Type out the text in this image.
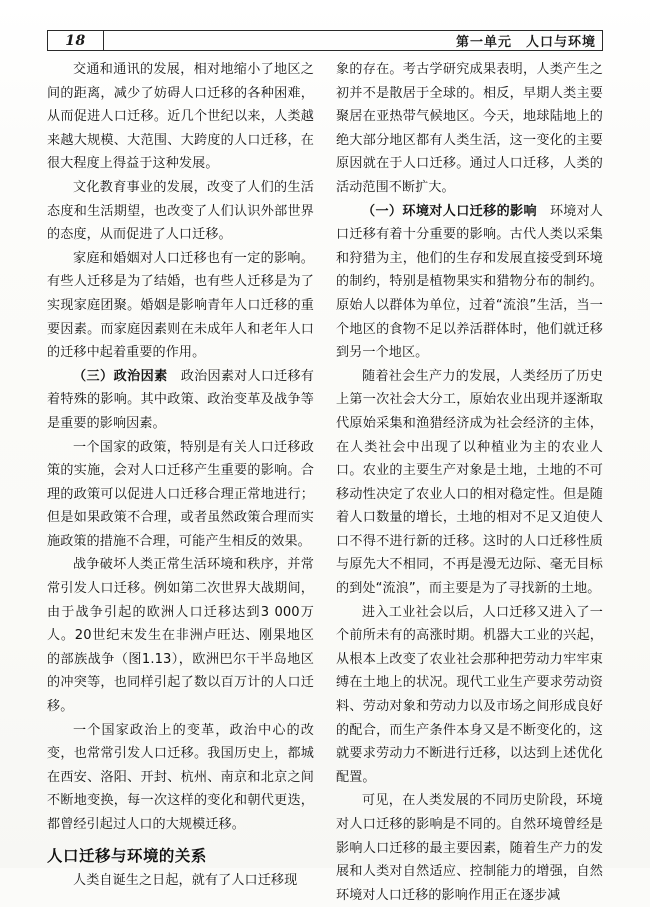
18	第一单元　人口与环境

交通和通讯的发展，相对地缩小了地区之间的距离，减少了妨碍人口迁移的各种困难，从而促进人口迁移。近几个世纪以来，人类越来越大规模、大范围、大跨度的人口迁移，在很大程度上得益于这种发展。

文化教育事业的发展，改变了人们的生活态度和生活期望，也改变了人们认识外部世界的态度，从而促进了人口迁移。

家庭和婚姻对人口迁移也有一定的影响。有些人迁移是为了结婚，也有些人迁移是为了实现家庭团聚。婚姻是影响青年人口迁移的重要因素。而家庭因素则在未成年人和老年人口的迁移中起着重要的作用。

（三）政治因素 政治因素对人口迁移有着特殊的影响。其中政策、政治变革及战争等是重要的影响因素。

一个国家的政策，特别是有关人口迁移政策的实施，会对人口迁移产生重要的影响。合理的政策可以促进人口迁移合理正常地进行；但是如果政策不合理，或者虽然政策合理而实施政策的措施不合理，可能产生相反的效果。

战争破坏人类正常生活环境和秩序，并常常引发人口迁移。例如第二次世界大战期间，由于战争引起的欧洲人口迁移达到3 000万人。20世纪末发生在非洲卢旺达、刚果地区的部族战争（图1.13），欧洲巴尔干半岛地区的冲突等，也同样引起了数以百万计的人口迁移。

一个国家政治上的变革，政治中心的改变，也常常引发人口迁移。我国历史上，都城在西安、洛阳、开封、杭州、南京和北京之间不断地变换，每一次这样的变化和朝代更迭，都曾经引起过人口的大规模迁移。

人口迁移与环境的关系

人类自诞生之日起，就有了人口迁移现

象的存在。考古学研究成果表明，人类产生之初并不是散居于全球的。相反，早期人类主要聚居在亚热带气候地区。今天，地球陆地上的绝大部分地区都有人类生活，这一变化的主要原因就在于人口迁移。通过人口迁移，人类的活动范围不断扩大。

（一）环境对人口迁移的影响 环境对人口迁移有着十分重要的影响。古代人类以采集和狩猎为主，他们的生存和发展直接受到环境的制约，特别是植物果实和猎物分布的制约。原始人以群体为单位，过着“流浪”生活，当一个地区的食物不足以养活群体时，他们就迁移到另一个地区。

随着社会生产力的发展，人类经历了历史上第一次社会大分工，原始农业出现并逐渐取代原始采集和渔猎经济成为社会经济的主体，在人类社会中出现了以种植业为主的农业人口。农业的主要生产对象是土地，土地的不可移动性决定了农业人口的相对稳定性。但是随着人口数量的增长，土地的相对不足又迫使人口不得不进行新的迁移。这时的人口迁移性质与原先大不相同，不再是漫无边际、毫无目标的到处“流浪”，而主要是为了寻找新的土地。

进入工业社会以后，人口迁移又进入了一个前所未有的高涨时期。机器大工业的兴起，从根本上改变了农业社会那种把劳动力牢牢束缚在土地上的状况。现代工业生产要求劳动资料、劳动对象和劳动力以及市场之间形成良好的配合，而生产条件本身又是不断变化的，这就要求劳动力不断进行迁移，以达到上述优化配置。

可见，在人类发展的不同历史阶段，环境对人口迁移的影响是不同的。自然环境曾经是影响人口迁移的最主要因素，随着生产力的发展和人类对自然适应、控制能力的增强，自然环境对人口迁移的影响作用正在逐步减
